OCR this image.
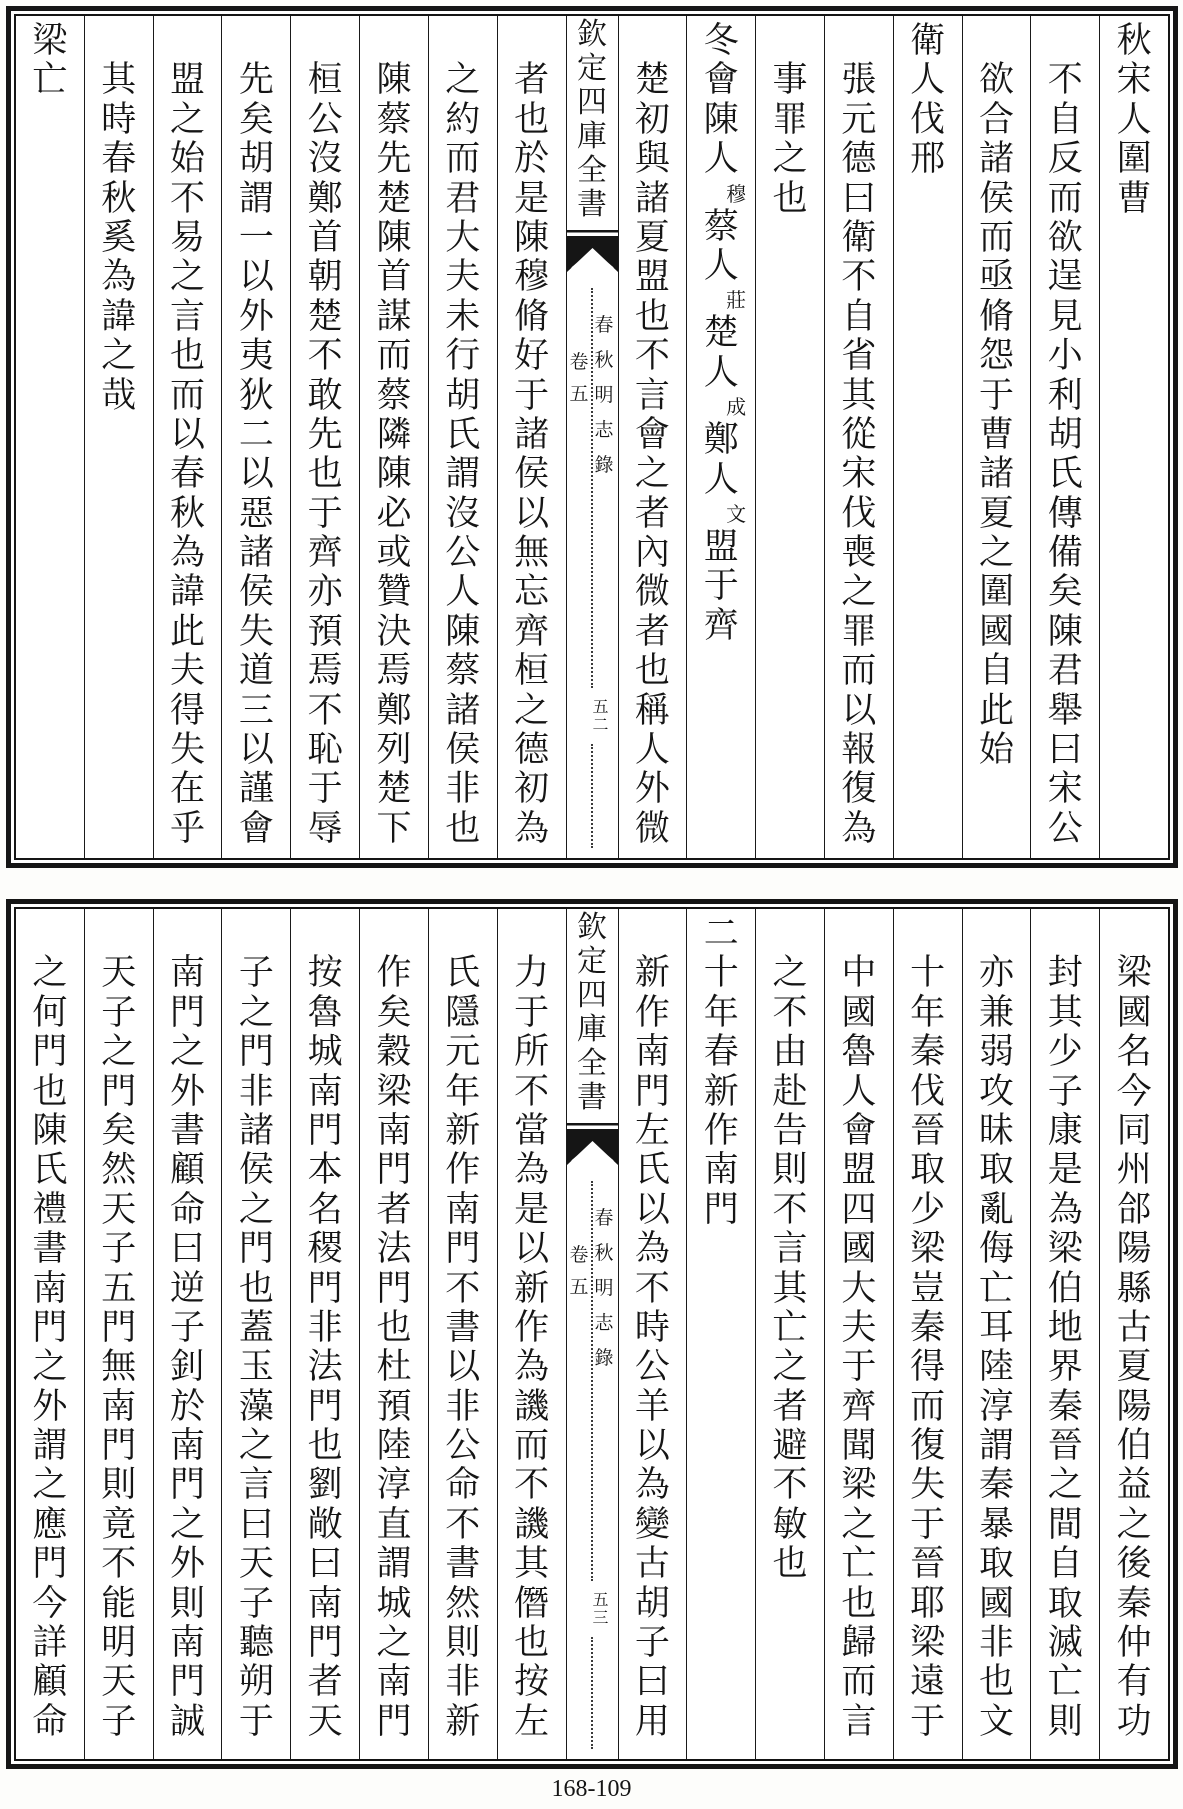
秋
宋
人
圍
曹
不
自
反
而
欲
逞
見
小
利
胡
氏
傳
備
矣
陳
君
舉
曰
宋
公
欲
合
諸
侯
而
亟
脩
怨
于
曹
諸
夏
之
圍
國
自
此
始
衛
人
伐
邢
張
元
德
曰
衛
不
自
省
其
從
宋
伐
喪
之
罪
而
以
報
復
為
事
罪
之
也
冬
會
陳
人
穆
蔡
人
莊
楚
人
成
鄭
人
文
盟
于
齊
楚
初
與
諸
夏
盟
也
不
言
會
之
者
內
微
者
也
稱
人
外
微
欽
定
四
庫
全
書
春
秋
明
志
錄
卷
五
五
二
者
也
於
是
陳
穆
脩
好
于
諸
侯
以
無
忘
齊
桓
之
德
初
為
之
約
而
君
大
夫
未
行
胡
氏
謂
沒
公
人
陳
蔡
諸
侯
非
也
陳
蔡
先
楚
陳
首
謀
而
蔡
隣
陳
必
或
贊
決
焉
鄭
列
楚
下
桓
公
沒
鄭
首
朝
楚
不
敢
先
也
于
齊
亦
預
焉
不
恥
于
辱
先
矣
胡
謂
一
以
外
夷
狄
二
以
惡
諸
侯
失
道
三
以
謹
會
盟
之
始
不
易
之
言
也
而
以
春
秋
為
諱
此
夫
得
失
在
乎
其
時
春
秋
奚
為
諱
之
哉
梁
亡
梁
國
名
今
同
州
郃
陽
縣
古
夏
陽
伯
益
之
後
秦
仲
有
功
封
其
少
子
康
是
為
梁
伯
地
界
秦
晉
之
間
自
取
滅
亡
則
亦
兼
弱
攻
昧
取
亂
侮
亡
耳
陸
淳
謂
秦
暴
取
國
非
也
文
十
年
秦
伐
晉
取
少
梁
豈
秦
得
而
復
失
于
晉
耶
梁
遠
于
中
國
魯
人
會
盟
四
國
大
夫
于
齊
聞
梁
之
亡
也
歸
而
言
之
不
由
赴
告
則
不
言
其
亡
之
者
避
不
敏
也
二
十
年
春
新
作
南
門
新
作
南
門
左
氏
以
為
不
時
公
羊
以
為
變
古
胡
子
曰
用
欽
定
四
庫
全
書
春
秋
明
志
錄
卷
五
五
三
力
于
所
不
當
為
是
以
新
作
為
譏
而
不
譏
其
僭
也
按
左
氏
隱
元
年
新
作
南
門
不
書
以
非
公
命
不
書
然
則
非
新
作
矣
穀
梁
南
門
者
法
門
也
杜
預
陸
淳
直
謂
城
之
南
門
按
魯
城
南
門
本
名
稷
門
非
法
門
也
劉
敞
曰
南
門
者
天
子
之
門
非
諸
侯
之
門
也
蓋
玉
藻
之
言
曰
天
子
聽
朔
于
南
門
之
外
書
顧
命
曰
逆
子
釗
於
南
門
之
外
則
南
門
誠
天
子
之
門
矣
然
天
子
五
門
無
南
門
則
竟
不
能
明
天
子
之
何
門
也
陳
氏
禮
書
南
門
之
外
謂
之
應
門
今
詳
顧
命
168-109
